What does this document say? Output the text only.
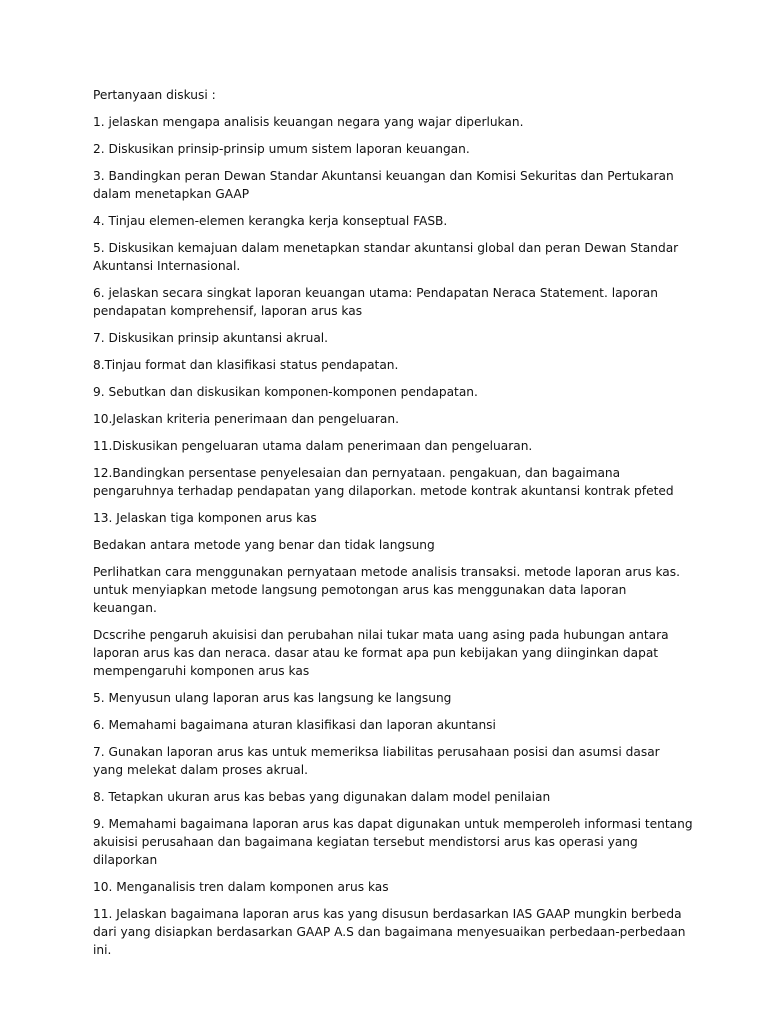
Pertanyaan diskusi :

1. jelaskan mengapa analisis keuangan negara yang wajar diperlukan.

2. Diskusikan prinsip-prinsip umum sistem laporan keuangan.

3. Bandingkan peran Dewan Standar Akuntansi keuangan dan Komisi Sekuritas dan Pertukaran dalam menetapkan GAAP

4. Tinjau elemen-elemen kerangka kerja konseptual FASB.

5. Diskusikan kemajuan dalam menetapkan standar akuntansi global dan peran Dewan Standar Akuntansi Internasional.

6. jelaskan secara singkat laporan keuangan utama: Pendapatan Neraca Statement. laporan pendapatan komprehensif, laporan arus kas

7. Diskusikan prinsip akuntansi akrual.

8.Tinjau format dan klasifikasi status pendapatan.

9. Sebutkan dan diskusikan komponen-komponen pendapatan.

10.Jelaskan kriteria penerimaan dan pengeluaran.

11.Diskusikan pengeluaran utama dalam penerimaan dan pengeluaran.

12.Bandingkan persentase penyelesaian dan pernyataan. pengakuan, dan bagaimana pengaruhnya terhadap pendapatan yang dilaporkan. metode kontrak akuntansi kontrak pfeted

13. Jelaskan tiga komponen arus kas

Bedakan antara metode yang benar dan tidak langsung

Perlihatkan cara menggunakan pernyataan metode analisis transaksi. metode laporan arus kas. untuk menyiapkan metode langsung pemotongan arus kas menggunakan data laporan keuangan.

Dcscrihe pengaruh akuisisi dan perubahan nilai tukar mata uang asing pada hubungan antara laporan arus kas dan neraca. dasar atau ke format apa pun kebijakan yang diinginkan dapat mempengaruhi komponen arus kas

5. Menyusun ulang laporan arus kas langsung ke langsung

6. Memahami bagaimana aturan klasifikasi dan laporan akuntansi

7. Gunakan laporan arus kas untuk memeriksa liabilitas perusahaan posisi dan asumsi dasar yang melekat dalam proses akrual.

8. Tetapkan ukuran arus kas bebas yang digunakan dalam model penilaian

9. Memahami bagaimana laporan arus kas dapat digunakan untuk memperoleh informasi tentang akuisisi perusahaan dan bagaimana kegiatan tersebut mendistorsi arus kas operasi yang dilaporkan

10. Menganalisis tren dalam komponen arus kas

11. Jelaskan bagaimana laporan arus kas yang disusun berdasarkan IAS GAAP mungkin berbeda dari yang disiapkan berdasarkan GAAP A.S dan bagaimana menyesuaikan perbedaan-perbedaan ini.
